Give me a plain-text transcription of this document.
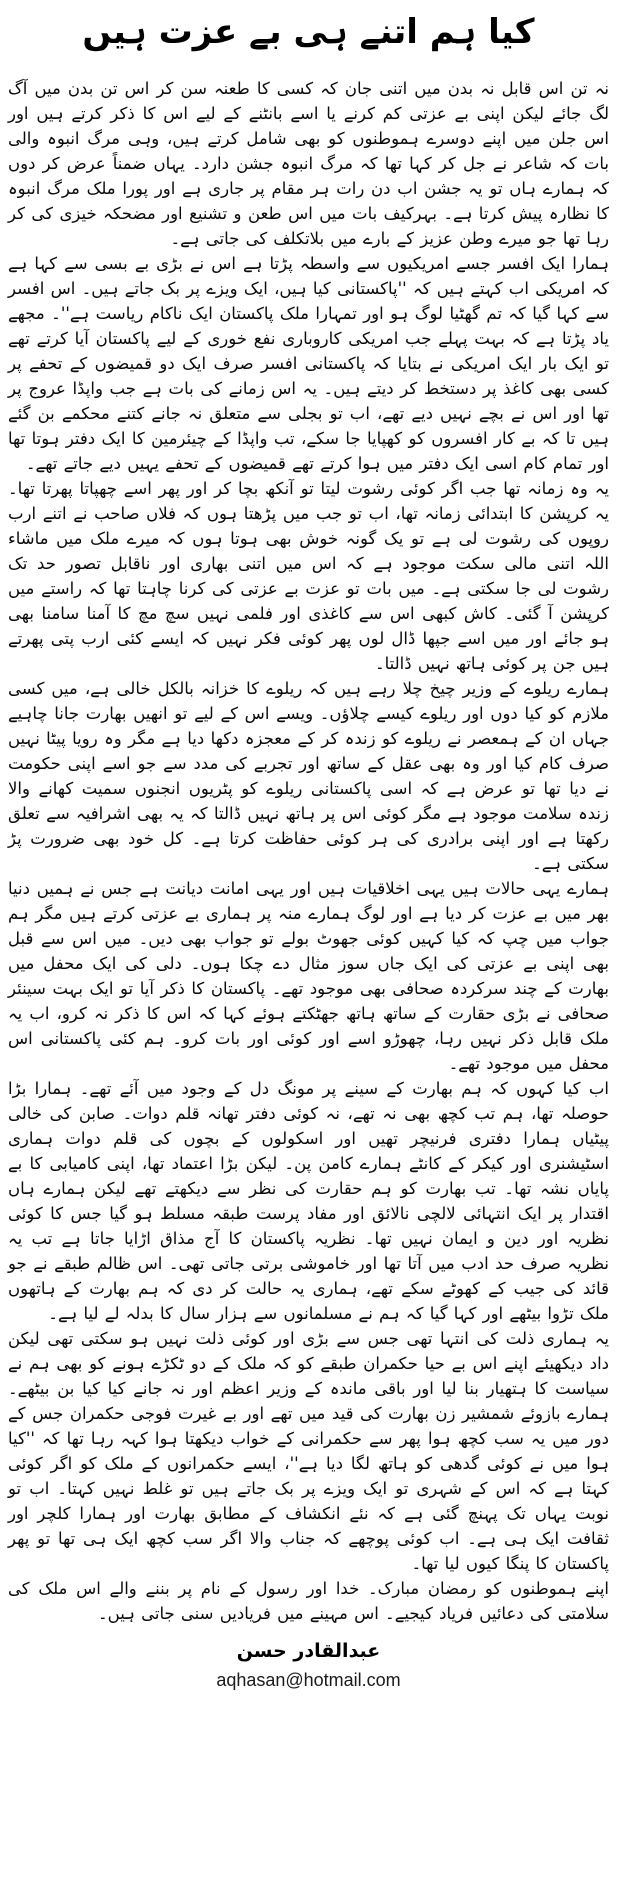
کیا ہم اتنے ہی بے عزت ہیں

نہ تن اس قابل نہ بدن میں اتنی جان کہ کسی کا طعنہ سن کر اس تن بدن میں آگ لگ جائے لیکن اپنی بے عزتی کم کرنے یا اسے بانٹنے کے لیے اس کا ذکر کرتے ہیں اور اس جلن میں اپنے دوسرے ہموطنوں کو بھی شامل کرتے ہیں، وہی مرگ انبوہ والی بات کہ شاعر نے جل کر کہا تھا کہ مرگ انبوہ جشن دارد۔ یہاں ضمناً عرض کر دوں کہ ہمارے ہاں تو یہ جشن اب دن رات ہر مقام پر جاری ہے اور پورا ملک مرگ انبوہ کا نظارہ پیش کرتا ہے۔ بہرکیف بات میں اس طعن و تشنیع اور مضحکہ خیزی کی کر رہا تھا جو میرے وطن عزیز کے بارے میں بلاتکلف کی جاتی ہے۔

ہمارا ایک افسر جسے امریکیوں سے واسطہ پڑتا ہے اس نے بڑی بے بسی سے کہا ہے کہ امریکی اب کہتے ہیں کہ ''پاکستانی کیا ہیں، ایک ویزے پر بک جاتے ہیں۔ اس افسر سے کہا گیا کہ تم گھٹیا لوگ ہو اور تمہارا ملک پاکستان ایک ناکام ریاست ہے''۔ مجھے یاد پڑتا ہے کہ بہت پہلے جب امریکی کاروباری نفع خوری کے لیے پاکستان آیا کرتے تھے تو ایک بار ایک امریکی نے بتایا کہ پاکستانی افسر صرف ایک دو قمیضوں کے تحفے پر کسی بھی کاغذ پر دستخط کر دیتے ہیں۔ یہ اس زمانے کی بات ہے جب واپڈا عروج پر تھا اور اس نے بچے نہیں دیے تھے، اب تو بجلی سے متعلق نہ جانے کتنے محکمے بن گئے ہیں تا کہ بے کار افسروں کو کھپایا جا سکے، تب واپڈا کے چیئرمین کا ایک دفتر ہوتا تھا اور تمام کام اسی ایک دفتر میں ہوا کرتے تھے قمیضوں کے تحفے یہیں دیے جاتے تھے۔

یہ وہ زمانہ تھا جب اگر کوئی رشوت لیتا تو آنکھ بچا کر اور پھر اسے چھپاتا پھرتا تھا۔ یہ کرپشن کا ابتدائی زمانہ تھا، اب تو جب میں پڑھتا ہوں کہ فلاں صاحب نے اتنے ارب روپوں کی رشوت لی ہے تو یک گونہ خوش بھی ہوتا ہوں کہ میرے ملک میں ماشاء اللہ اتنی مالی سکت موجود ہے کہ اس میں اتنی بھاری اور ناقابل تصور حد تک رشوت لی جا سکتی ہے۔ میں بات تو عزت بے عزتی کی کرنا چاہتا تھا کہ راستے میں کرپشن آ گئی۔ کاش کبھی اس سے کاغذی اور فلمی نہیں سچ مچ کا آمنا سامنا بھی ہو جائے اور میں اسے جپھا ڈال لوں پھر کوئی فکر نہیں کہ ایسے کئی ارب پتی پھرتے ہیں جن پر کوئی ہاتھ نہیں ڈالتا۔

ہمارے ریلوے کے وزیر چیخ چلا رہے ہیں کہ ریلوے کا خزانہ بالکل خالی ہے، میں کسی ملازم کو کیا دوں اور ریلوے کیسے چلاؤں۔ ویسے اس کے لیے تو انھیں بھارت جانا چاہیے جہاں ان کے ہمعصر نے ریلوے کو زندہ کر کے معجزہ دکھا دیا ہے مگر وہ رویا پیٹا نہیں صرف کام کیا اور وہ بھی عقل کے ساتھ اور تجربے کی مدد سے جو اسے اپنی حکومت نے دیا تھا تو عرض ہے کہ اسی پاکستانی ریلوے کو پٹریوں انجنوں سمیت کھانے والا زندہ سلامت موجود ہے مگر کوئی اس پر ہاتھ نہیں ڈالتا کہ یہ بھی اشرافیہ سے تعلق رکھتا ہے اور اپنی برادری کی ہر کوئی حفاظت کرتا ہے۔ کل خود بھی ضرورت پڑ سکتی ہے۔

ہمارے یہی حالات ہیں یہی اخلاقیات ہیں اور یہی امانت دیانت ہے جس نے ہمیں دنیا بھر میں بے عزت کر دیا ہے اور لوگ ہمارے منہ پر ہماری بے عزتی کرتے ہیں مگر ہم جواب میں چپ کہ کیا کہیں کوئی جھوٹ بولے تو جواب بھی دیں۔ میں اس سے قبل بھی اپنی بے عزتی کی ایک جاں سوز مثال دے چکا ہوں۔ دلی کی ایک محفل میں بھارت کے چند سرکردہ صحافی بھی موجود تھے۔ پاکستان کا ذکر آیا تو ایک بہت سینئر صحافی نے بڑی حقارت کے ساتھ ہاتھ جھٹکتے ہوئے کہا کہ اس کا ذکر نہ کرو، اب یہ ملک قابل ذکر نہیں رہا، چھوڑو اسے اور کوئی اور بات کرو۔ ہم کئی پاکستانی اس محفل میں موجود تھے۔

اب کیا کہوں کہ ہم بھارت کے سینے پر مونگ دل کے وجود میں آئے تھے۔ ہمارا بڑا حوصلہ تھا، ہم تب کچھ بھی نہ تھے، نہ کوئی دفتر تھانہ قلم دوات۔ صابن کی خالی پیٹیاں ہمارا دفتری فرنیچر تھیں اور اسکولوں کے بچوں کی قلم دوات ہماری اسٹیشنری اور کیکر کے کانٹے ہمارے کامن پن۔ لیکن بڑا اعتماد تھا، اپنی کامیابی کا بے پایاں نشہ تھا۔ تب بھارت کو ہم حقارت کی نظر سے دیکھتے تھے لیکن ہمارے ہاں اقتدار پر ایک انتہائی لالچی نالائق اور مفاد پرست طبقہ مسلط ہو گیا جس کا کوئی نظریہ اور دین و ایمان نہیں تھا۔ نظریہ پاکستان کا آج مذاق اڑایا جاتا ہے تب یہ نظریہ صرف حد ادب میں آتا تھا اور خاموشی برتی جاتی تھی۔ اس ظالم طبقے نے جو قائد کی جیب کے کھوٹے سکے تھے، ہماری یہ حالت کر دی کہ ہم بھارت کے ہاتھوں ملک تڑوا بیٹھے اور کہا گیا کہ ہم نے مسلمانوں سے ہزار سال کا بدلہ لے لیا ہے۔

یہ ہماری ذلت کی انتہا تھی جس سے بڑی اور کوئی ذلت نہیں ہو سکتی تھی لیکن داد دیکھیئے اپنے اس بے حیا حکمران طبقے کو کہ ملک کے دو ٹکڑے ہونے کو بھی ہم نے سیاست کا ہتھیار بنا لیا اور باقی ماندہ کے وزیر اعظم اور نہ جانے کیا کیا بن بیٹھے۔ ہمارے بازوئے شمشیر زن بھارت کی قید میں تھے اور بے غیرت فوجی حکمران جس کے دور میں یہ سب کچھ ہوا پھر سے حکمرانی کے خواب دیکھتا ہوا کہہ رہا تھا کہ ''کیا ہوا میں نے کوئی گدھی کو ہاتھ لگا دیا ہے''، ایسے حکمرانوں کے ملک کو اگر کوئی کہتا ہے کہ اس کے شہری تو ایک ویزے پر بک جاتے ہیں تو غلط نہیں کہتا۔ اب تو نوبت یہاں تک پہنچ گئی ہے کہ نئے انکشاف کے مطابق بھارت اور ہمارا کلچر اور ثقافت ایک ہی ہے۔ اب کوئی پوچھے کہ جناب والا اگر سب کچھ ایک ہی تھا تو پھر پاکستان کا پنگا کیوں لیا تھا۔

اپنے ہموطنوں کو رمضان مبارک۔ خدا اور رسول کے نام پر بننے والے اس ملک کی سلامتی کی دعائیں فریاد کیجیے۔ اس مہینے میں فریادیں سنی جاتی ہیں۔

عبدالقادر حسن
aqhasan@hotmail.com
